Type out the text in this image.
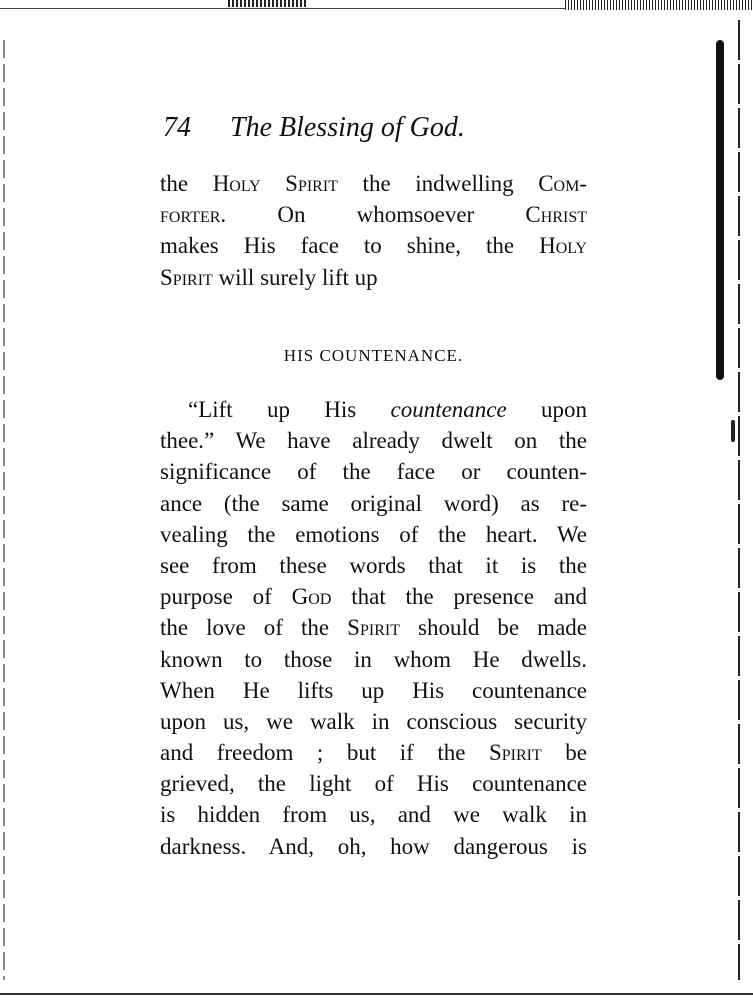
74 The Blessing of God.
the Holy Spirit the indwelling Com-
forter. On whomsoever Christ
makes His face to shine, the Holy
Spirit will surely lift up
HIS COUNTENANCE.
“Lift up His countenance upon
thee.” We have already dwelt on the
significance of the face or counten-
ance (the same original word) as re-
vealing the emotions of the heart. We
see from these words that it is the
purpose of God that the presence and
the love of the Spirit should be made
known to those in whom He dwells.
When He lifts up His countenance
upon us, we walk in conscious security
and freedom ; but if the Spirit be
grieved, the light of His countenance
is hidden from us, and we walk in
darkness. And, oh, how dangerous is
